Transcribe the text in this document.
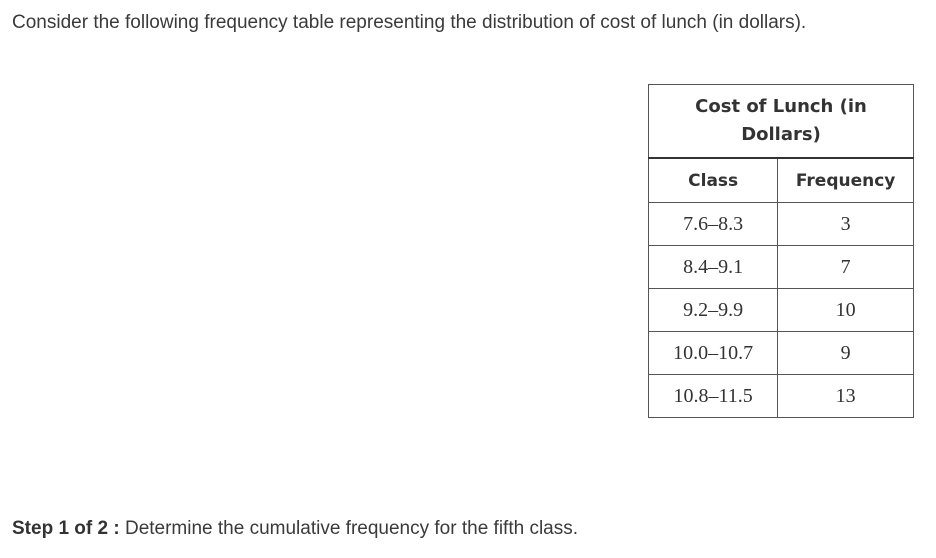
Consider the following frequency table representing the distribution of cost of lunch (in dollars).
Cost of Lunch (in Dollars)	
Class	Frequency
7.6–8.3	3
8.4–9.1	7
9.2–9.9	10
10.0–10.7	9
10.8–11.5	13
Step 1 of 2 : Determine the cumulative frequency for the fifth class.
